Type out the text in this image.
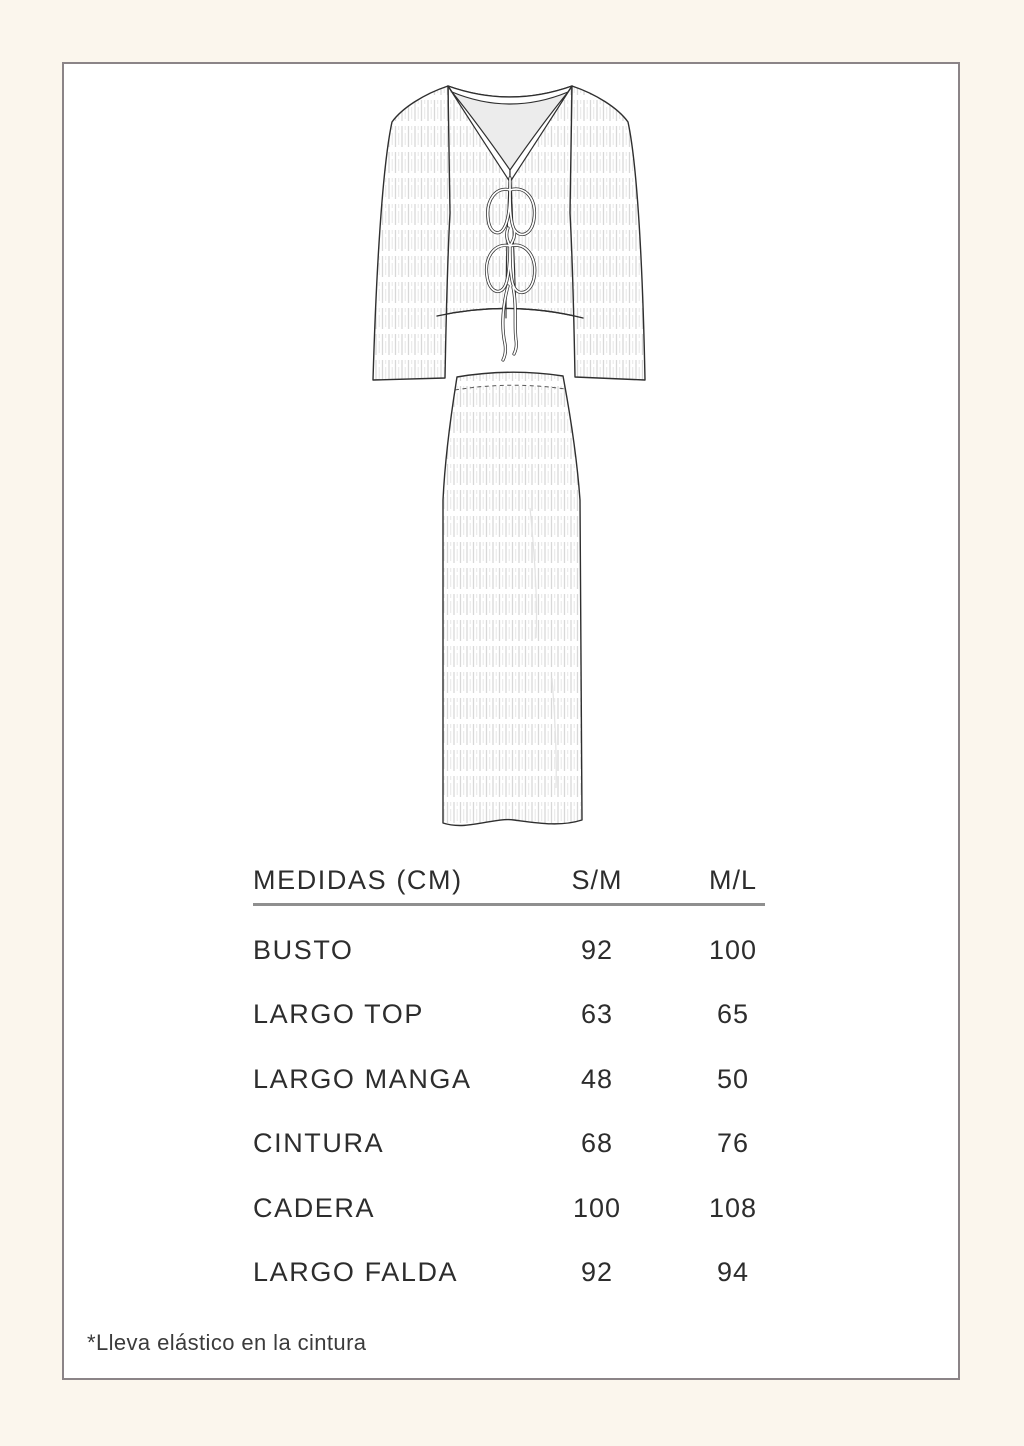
MEDIDAS (CM)	S/M	M/L
BUSTO	92	100
LARGO TOP	63	65
LARGO MANGA	48	50
CINTURA	68	76
CADERA	100	108
LARGO FALDA	92	94
*Lleva elástico en la cintura
